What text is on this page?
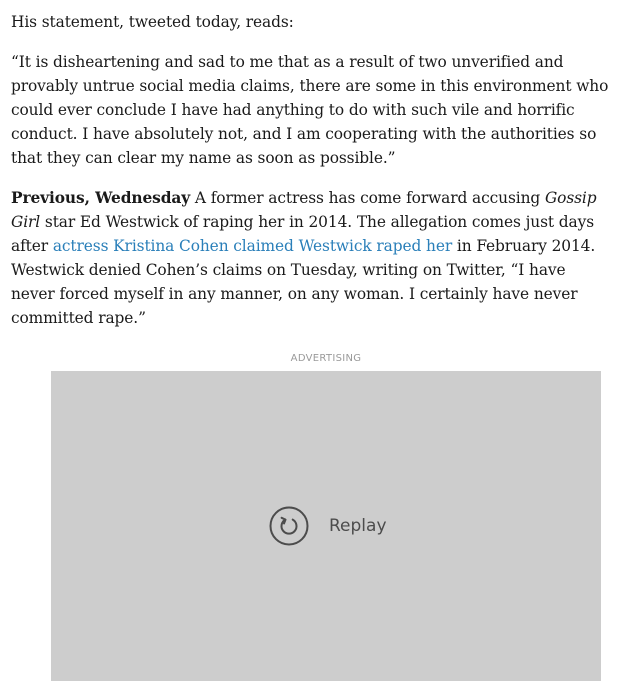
His statement, tweeted today, reads:

“It is disheartening and sad to me that as a result of two unverified and provably untrue social media claims, there are some in this environment who could ever conclude I have had anything to do with such vile and horrific conduct. I have absolutely not, and I am cooperating with the authorities so that they can clear my name as soon as possible.”

Previous, Wednesday A former actress has come forward accusing Gossip Girl star Ed Westwick of raping her in 2014. The allegation comes just days after actress Kristina Cohen claimed Westwick raped her in February 2014. Westwick denied Cohen’s claims on Tuesday, writing on Twitter, “I have never forced myself in any manner, on any woman. I certainly have never committed rape.”

ADVERTISING
Replay
